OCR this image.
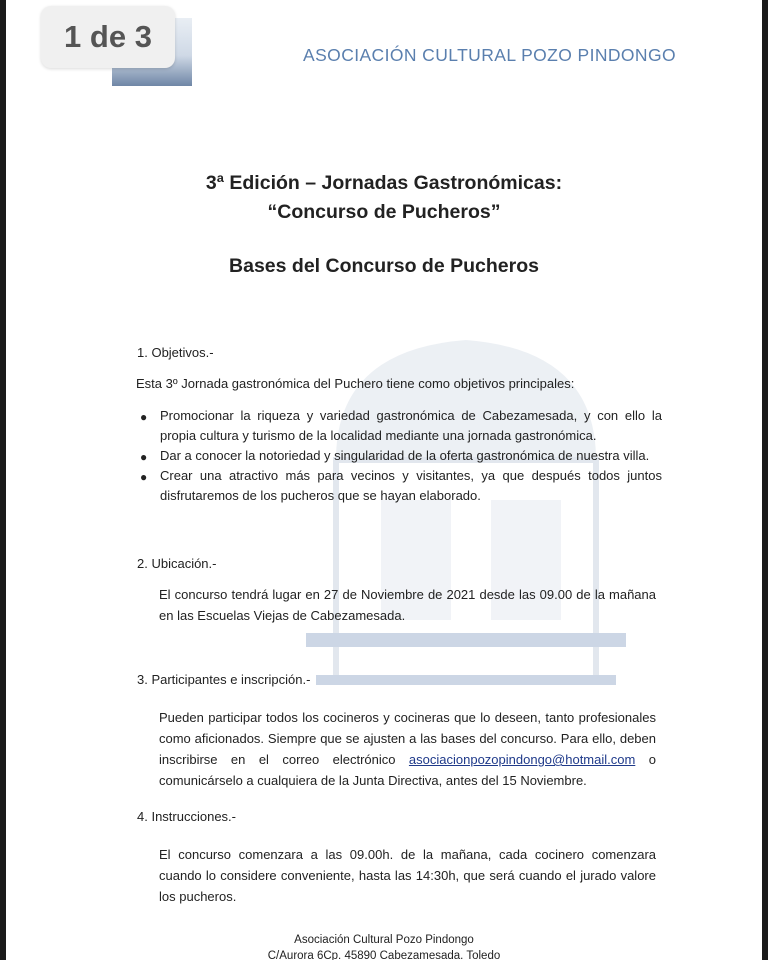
ASOCIACIÓN CULTURAL POZO PINDONGO
3ª Edición – Jornadas Gastronómicas:
“Concurso de Pucheros”
Bases del Concurso de Pucheros
1. Objetivos.-
Esta 3º Jornada gastronómica del Puchero tiene como objetivos principales:
● Promocionar la riqueza y variedad gastronómica de Cabezamesada, y con ello la propia cultura y turismo de la localidad mediante una jornada gastronómica.
● Dar a conocer la notoriedad y singularidad de la oferta gastronómica de nuestra villa.
● Crear una atractivo más para vecinos y visitantes, ya que después todos juntos disfrutaremos de los pucheros que se hayan elaborado.
2. Ubicación.-
El concurso tendrá lugar en 27 de Noviembre de 2021 desde las 09.00 de la mañana en las Escuelas Viejas de Cabezamesada.
3. Participantes e inscripción.-
Pueden participar todos los cocineros y cocineras que lo deseen, tanto profesionales como aficionados. Siempre que se ajusten a las bases del concurso. Para ello, deben inscribirse en el correo electrónico asociacionpozopindongo@hotmail.com o comunicárselo a cualquiera de la Junta Directiva, antes del 15 Noviembre.
4. Instrucciones.-
El concurso comenzara a las 09.00h. de la mañana, cada cocinero comenzara cuando lo considere conveniente, hasta las 14:30h, que será cuando el jurado valore los pucheros.
Asociación Cultural Pozo Pindongo
C/Aurora 6Cp. 45890 Cabezamesada. Toledo
1 de 3
